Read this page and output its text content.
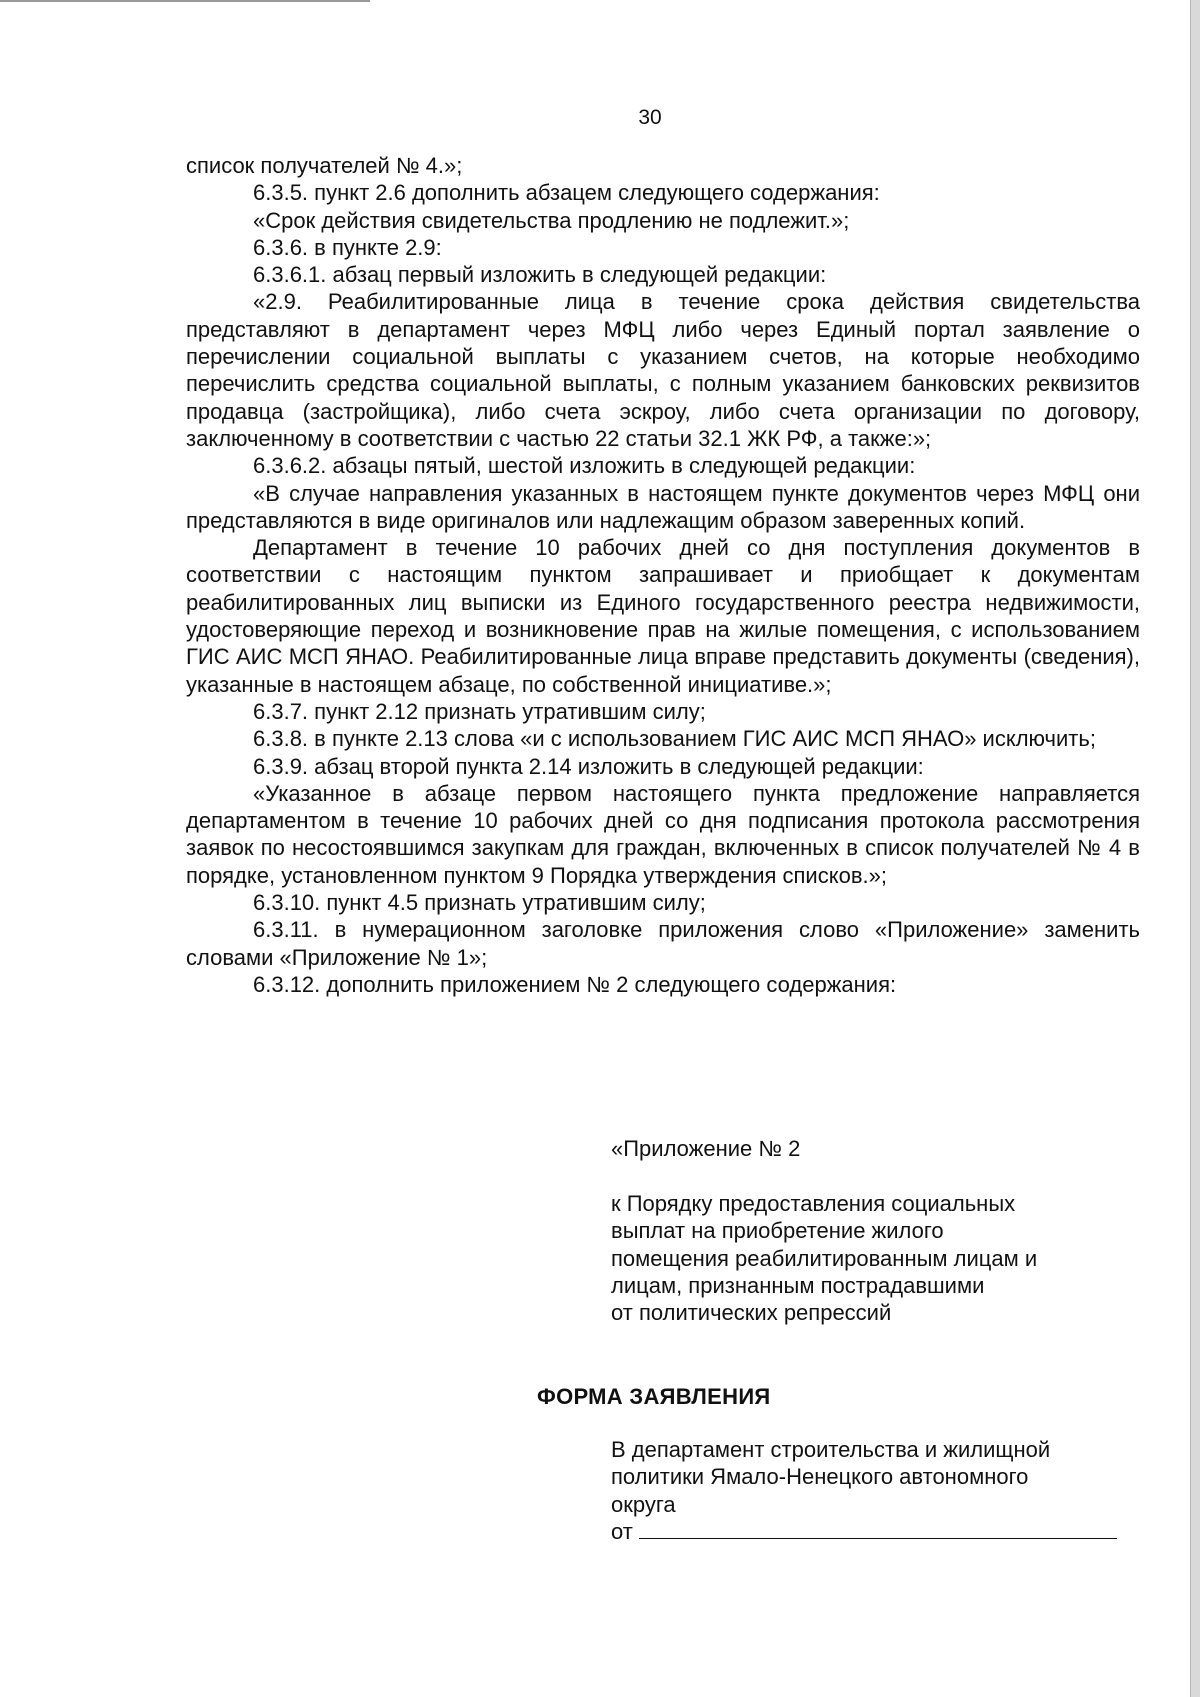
30

список получателей № 4.»;

6.3.5. пункт 2.6 дополнить абзацем следующего содержания:

«Срок действия свидетельства продлению не подлежит.»;

6.3.6. в пункте 2.9:

6.3.6.1. абзац первый изложить в следующей редакции:

«2.9. Реабилитированные лица в течение срока действия свидетельства представляют в департамент через МФЦ либо через Единый портал заявление о перечислении социальной выплаты с указанием счетов, на которые необходимо перечислить средства социальной выплаты, с полным указанием банковских реквизитов продавца (застройщика), либо счета эскроу, либо счета организации по договору, заключенному в соответствии с частью 22 статьи 32.1 ЖК РФ, а также:»;

6.3.6.2. абзацы пятый, шестой изложить в следующей редакции:

«В случае направления указанных в настоящем пункте документов через МФЦ они представляются в виде оригиналов или надлежащим образом заверенных копий.

Департамент в течение 10 рабочих дней со дня поступления документов в соответствии с настоящим пунктом запрашивает и приобщает к документам реабилитированных лиц выписки из Единого государственного реестра недвижимости, удостоверяющие переход и возникновение прав на жилые помещения, с использованием ГИС АИС МСП ЯНАО. Реабилитированные лица вправе представить документы (сведения), указанные в настоящем абзаце, по собственной инициативе.»;

6.3.7. пункт 2.12 признать утратившим силу;

6.3.8. в пункте 2.13 слова «и с использованием ГИС АИС МСП ЯНАО» исключить;

6.3.9. абзац второй пункта 2.14 изложить в следующей редакции:

«Указанное в абзаце первом настоящего пункта предложение направляется департаментом в течение 10 рабочих дней со дня подписания протокола рассмотрения заявок по несостоявшимся закупкам для граждан, включенных в список получателей № 4 в порядке, установленном пунктом 9 Порядка утверждения списков.»;

6.3.10. пункт 4.5 признать утратившим силу;

6.3.11. в нумерационном заголовке приложения слово «Приложение» заменить словами «Приложение № 1»;

6.3.12. дополнить приложением № 2 следующего содержания:

«Приложение № 2

к Порядку предоставления социальных

выплат на приобретение жилого

помещения реабилитированным лицам и

лицам, признанным пострадавшими

от политических репрессий

ФОРМА ЗАЯВЛЕНИЯ

В департамент строительства и жилищной

политики Ямало-Ненецкого автономного

округа

от
